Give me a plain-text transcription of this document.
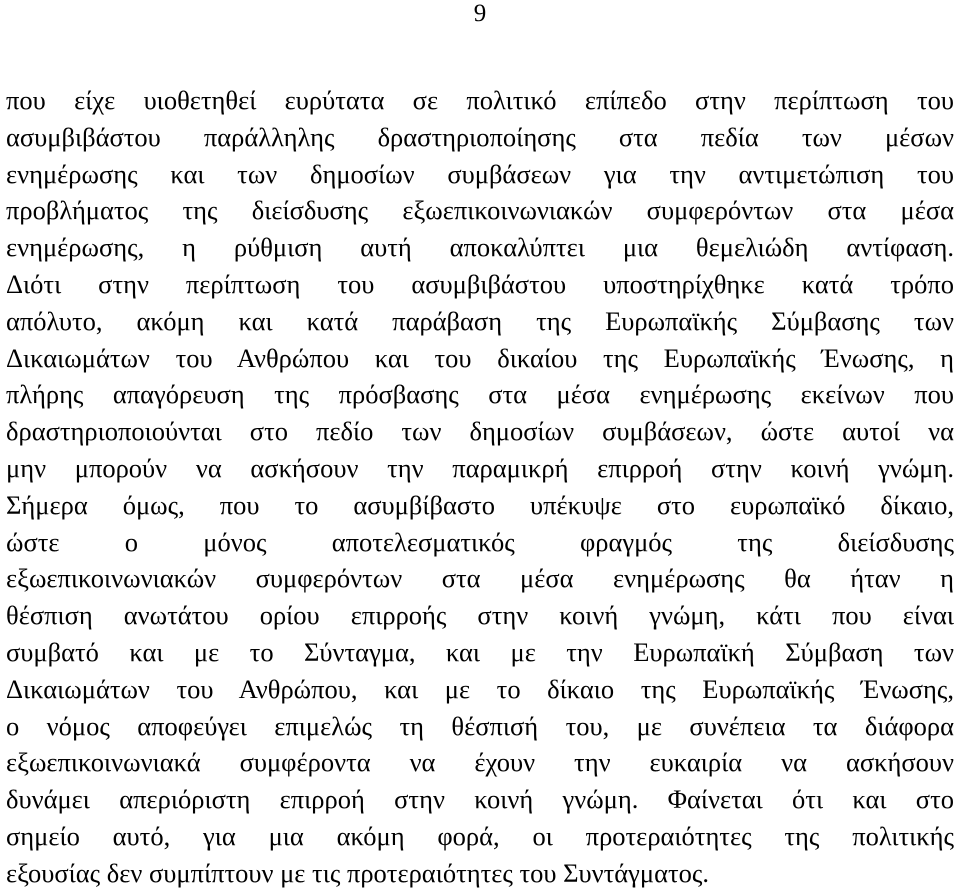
9
που είχε υιοθετηθεί ευρύτατα σε πολιτικό επίπεδο στην περίπτωση του
ασυμβιβάστου παράλληλης δραστηριοποίησης στα πεδία των μέσων
ενημέρωσης και των δημοσίων συμβάσεων για την αντιμετώπιση του
προβλήματος της διείσδυσης εξωεπικοινωνιακών συμφερόντων στα μέσα
ενημέρωσης, η ρύθμιση αυτή αποκαλύπτει μια θεμελιώδη αντίφαση.
Διότι στην περίπτωση του ασυμβιβάστου υποστηρίχθηκε κατά τρόπο
απόλυτο, ακόμη και κατά παράβαση της Ευρωπαϊκής Σύμβασης των
Δικαιωμάτων του Ανθρώπου και του δικαίου της Ευρωπαϊκής Ένωσης, η
πλήρης απαγόρευση της πρόσβασης στα μέσα ενημέρωσης εκείνων που
δραστηριοποιούνται στο πεδίο των δημοσίων συμβάσεων, ώστε αυτοί να
μην μπορούν να ασκήσουν την παραμικρή επιρροή στην κοινή γνώμη.
Σήμερα όμως, που το ασυμβίβαστο υπέκυψε στο ευρωπαϊκό δίκαιο,
ώστε ο μόνος αποτελεσματικός φραγμός της διείσδυσης
εξωεπικοινωνιακών συμφερόντων στα μέσα ενημέρωσης θα ήταν η
θέσπιση ανωτάτου ορίου επιρροής στην κοινή γνώμη, κάτι που είναι
συμβατό και με το Σύνταγμα, και με την Ευρωπαϊκή Σύμβαση των
Δικαιωμάτων του Ανθρώπου, και με το δίκαιο της Ευρωπαϊκής Ένωσης,
ο νόμος αποφεύγει επιμελώς τη θέσπισή του, με συνέπεια τα διάφορα
εξωεπικοινωνιακά συμφέροντα να έχουν την ευκαιρία να ασκήσουν
δυνάμει απεριόριστη επιρροή στην κοινή γνώμη. Φαίνεται ότι και στο
σημείο αυτό, για μια ακόμη φορά, οι προτεραιότητες της πολιτικής
εξουσίας δεν συμπίπτουν με τις προτεραιότητες του Συντάγματος.
